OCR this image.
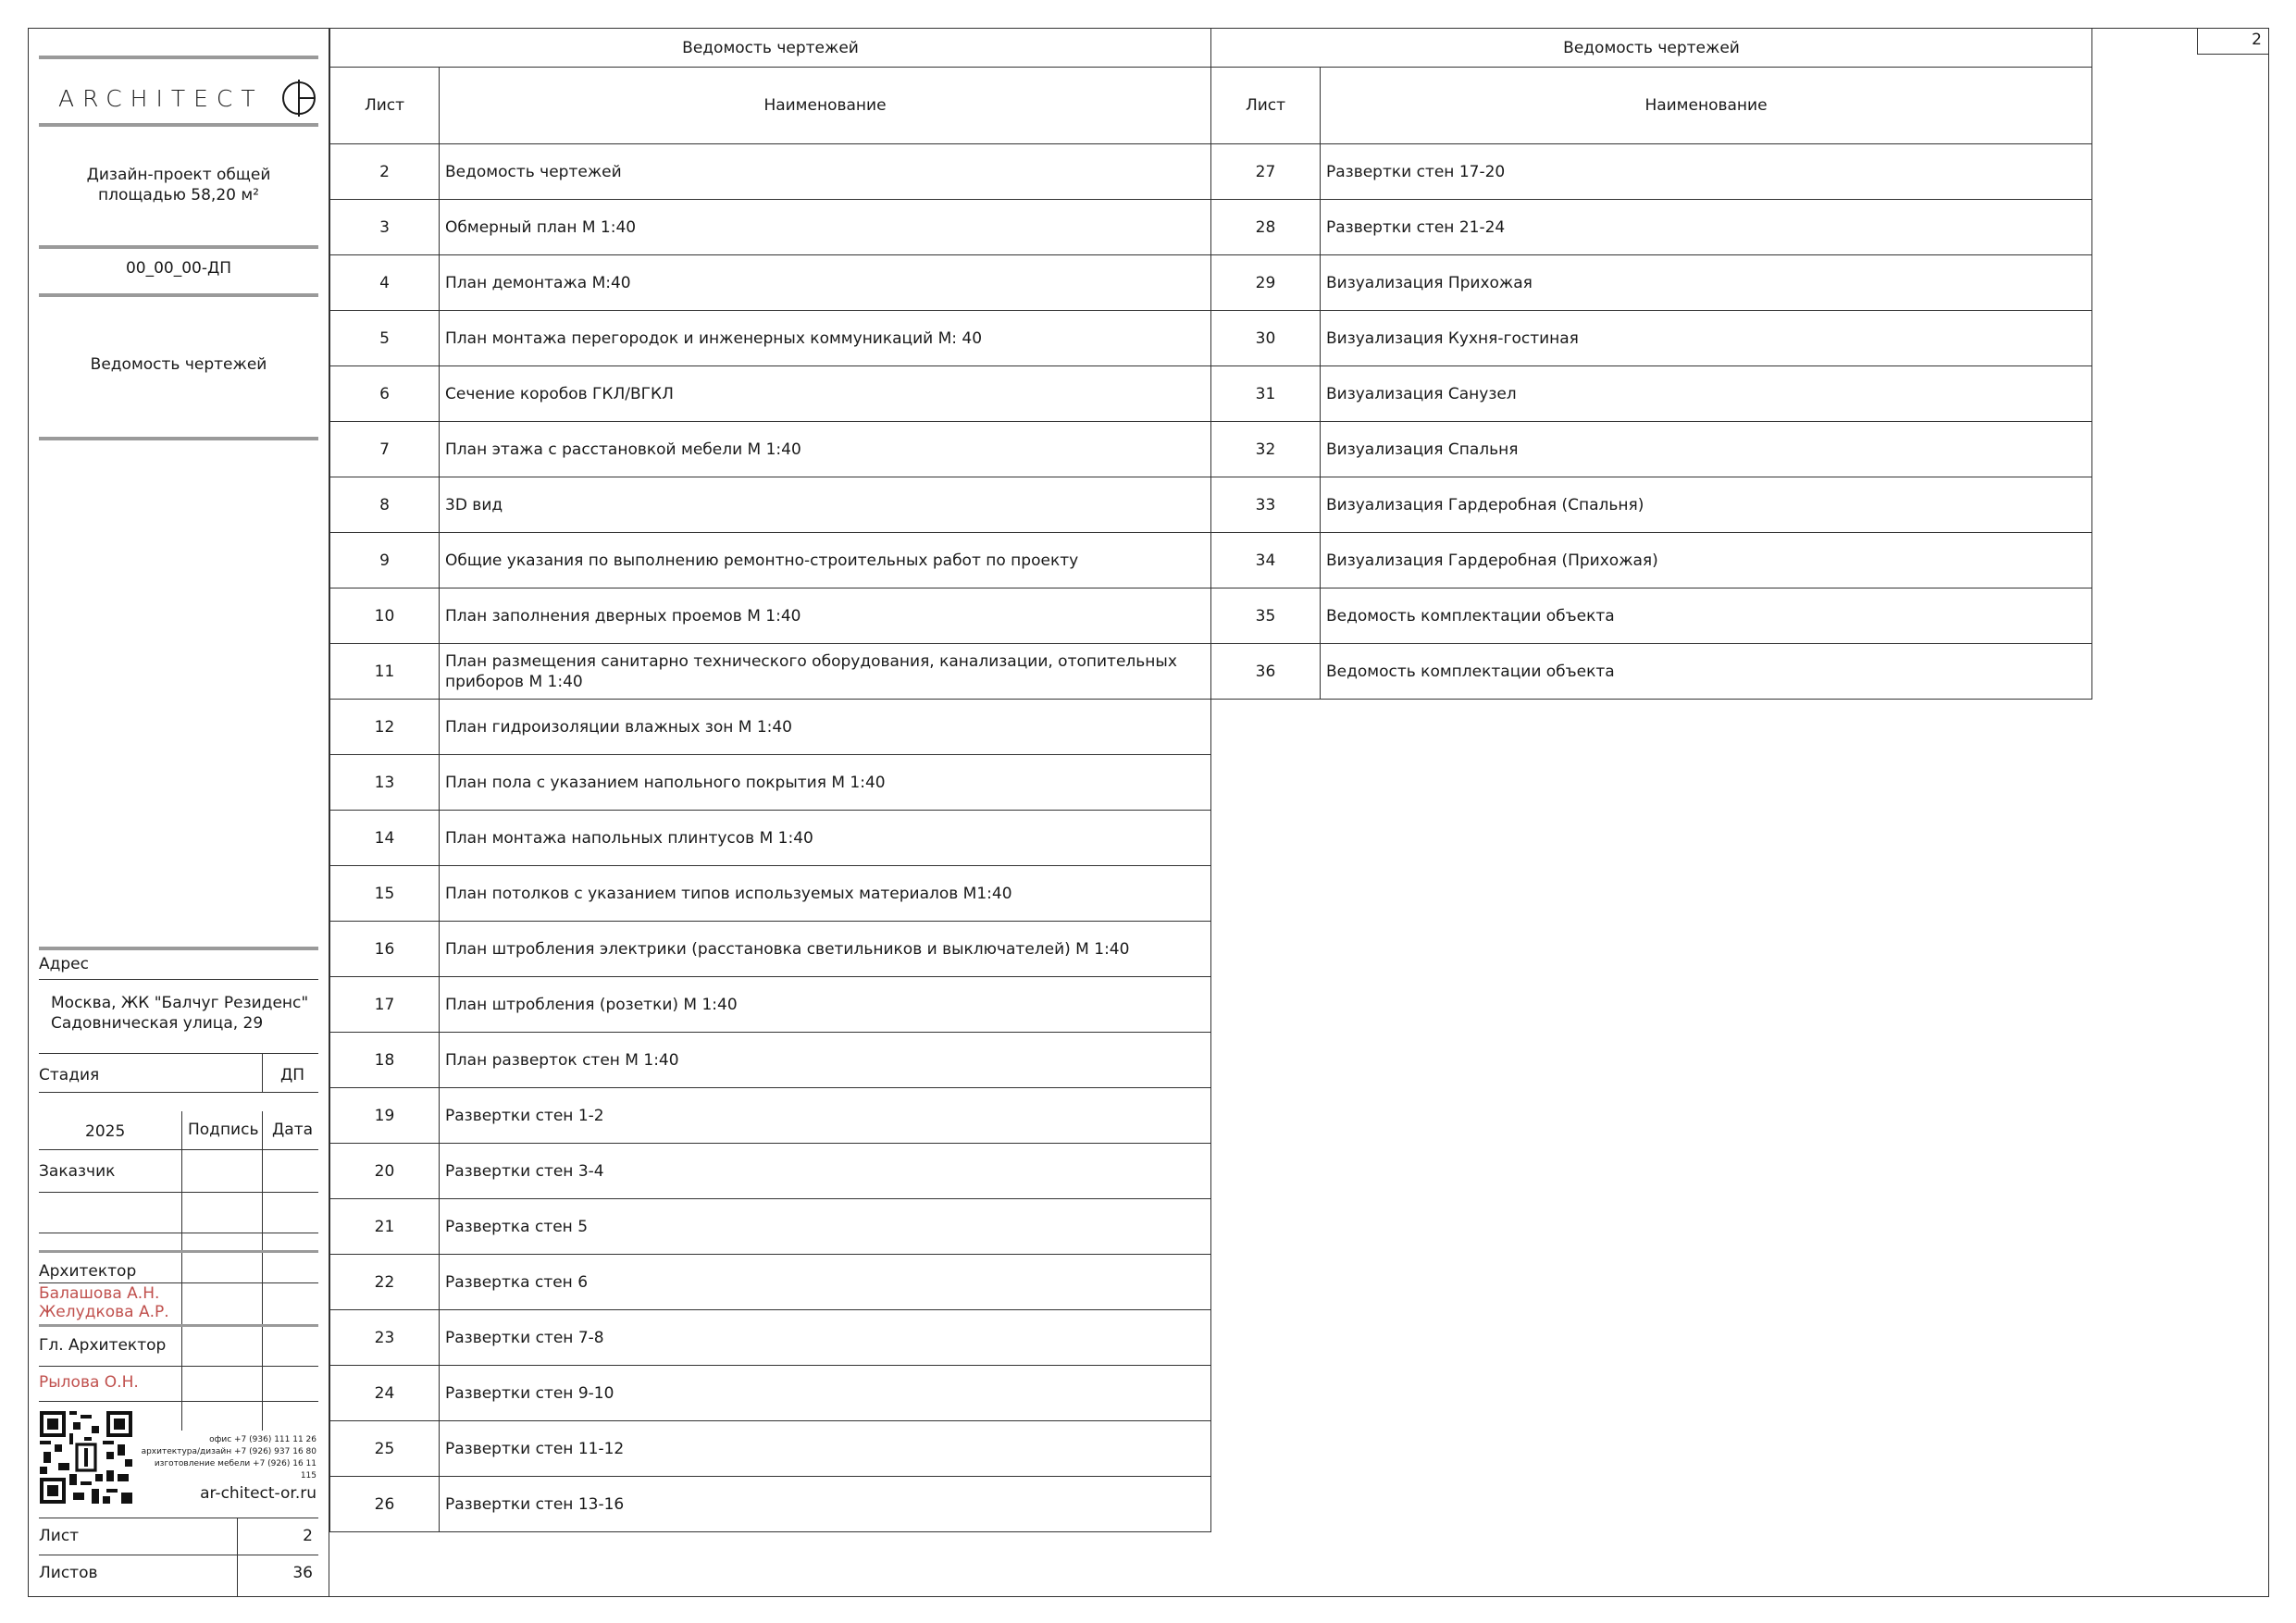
2
ARCHITECT
Дизайн-проект общей площадью 58,20 м²
00_00_00-ДП
Ведомость чертежей
Адрес
Москва, ЖК "Балчуг Резиденс"
Садовническая улица, 29
Стадия	ДП
2025	Подпись Дата
Заказчик
Архитектор
Балашова А.Н.
Желудкова А.Р.
Гл. Архитектор
Рылова О.Н.
офис +7 (936) 111 11 26
архитектура/дизайн +7 (926) 937 16 80
изготовление мебели +7 (926) 16 11 115
ar-chitect-or.ru
Лист	2
Листов	36
Ведомость чертежей	
Лист	Наименование
2	Ведомость чертежей
3	Обмерный план М 1:40
4	План демонтажа М:40
5	План монтажа перегородок и инженерных коммуникаций М: 40
6	Сечение коробов ГКЛ/ВГКЛ
7	План этажа с расстановкой мебели М 1:40
8	3D вид
9	Общие указания по выполнению ремонтно-строительных работ по проекту
10	План заполнения дверных проемов М 1:40
11	План размещения санитарно технического оборудования, канализации, отопительных приборов М 1:40
12	План гидроизоляции влажных зон М 1:40
13	План пола с указанием напольного покрытия М 1:40
14	План монтажа напольных плинтусов М 1:40
15	План потолков с указанием типов используемых материалов М1:40
16	План штробления электрики (расстановка светильников и выключателей) М 1:40
17	План штробления (розетки) М 1:40
18	План разверток стен М 1:40
19	Развертки стен 1-2
20	Развертки стен 3-4
21	Развертка стен 5
22	Развертка стен 6
23	Развертки стен 7-8
24	Развертки стен 9-10
25	Развертки стен 11-12
26	Развертки стен 13-16
Ведомость чертежей	
Лист	Наименование
27	Развертки стен 17-20
28	Развертки стен 21-24
29	Визуализация Прихожая
30	Визуализация Кухня-гостиная
31	Визуализация Санузел
32	Визуализация Спальня
33	Визуализация Гардеробная (Спальня)
34	Визуализация Гардеробная (Прихожая)
35	Ведомость комплектации объекта
36	Ведомость комплектации объекта
